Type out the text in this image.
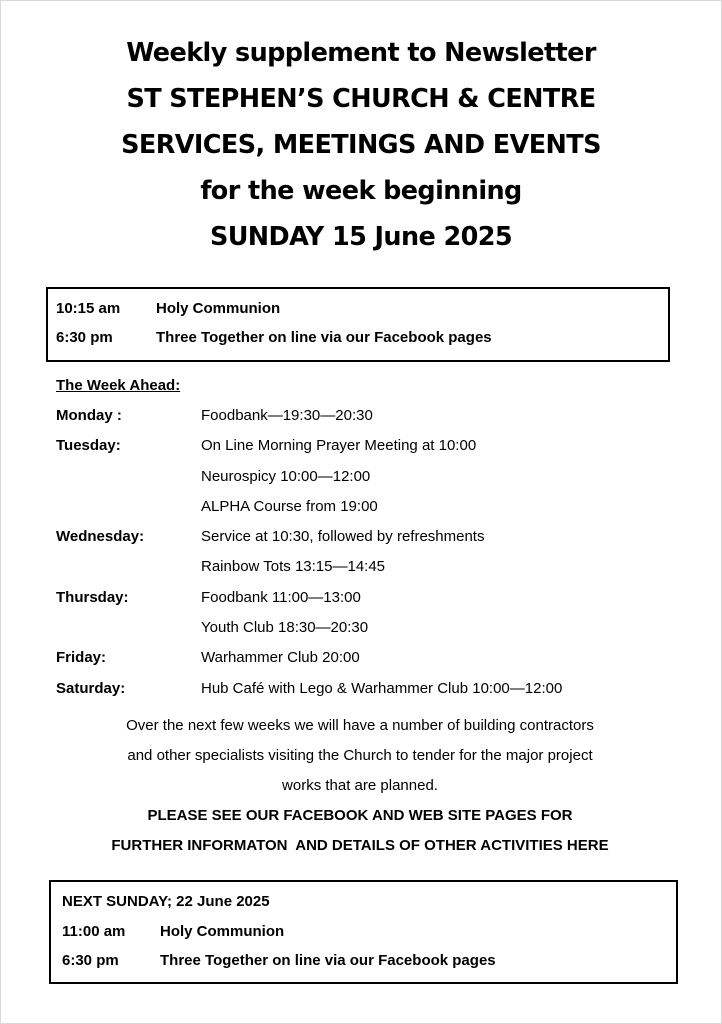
Weekly supplement to Newsletter
ST STEPHEN’S CHURCH & CENTRE
SERVICES, MEETINGS AND EVENTS
for the week beginning
SUNDAY 15 June 2025
10:15 am	Holy Communion
6:30 pm	Three Together on line via our Facebook pages
The Week Ahead:
Monday :	Foodbank—19:30—20:30
Tuesday:	On Line Morning Prayer Meeting at 10:00
Neurospicy 10:00—12:00
ALPHA Course from 19:00
Wednesday:	Service at 10:30, followed by refreshments
Rainbow Tots 13:15—14:45
Thursday:	Foodbank 11:00—13:00
Youth Club 18:30—20:30
Friday:	Warhammer Club 20:00
Saturday:	Hub Café with Lego & Warhammer Club 10:00—12:00
Over the next few weeks we will have a number of building contractors
and other specialists visiting the Church to tender for the major project
works that are planned.
PLEASE SEE OUR FACEBOOK AND WEB SITE PAGES FOR
FURTHER INFORMATON  AND DETAILS OF OTHER ACTIVITIES HERE
NEXT SUNDAY; 22 June 2025
11:00 am	Holy Communion
6:30 pm	Three Together on line via our Facebook pages
